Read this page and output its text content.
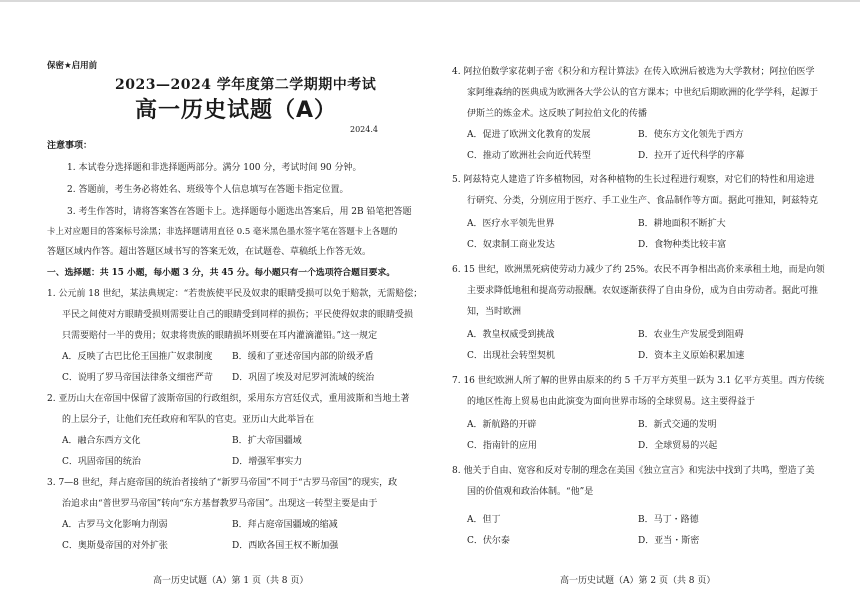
保密★启用前
2023—2024 学年度第二学期期中考试
高一历史试题（A）
2024.4
注意事项：
1. 本试卷分选择题和非选择题两部分。满分 100 分，考试时间 90 分钟。
2. 答题前，考生务必将姓名、班级等个人信息填写在答题卡指定位置。
3. 考生作答时，请将答案答在答题卡上。选择题每小题选出答案后，用 2B 铅笔把答题
卡上对应题目的答案标号涂黑；非选择题请用直径 0.5 毫米黑色墨水签字笔在答题卡上各题的
答题区域内作答。超出答题区域书写的答案无效，在试题卷、草稿纸上作答无效。
一、选择题：共 15 小题，每小题 3 分，共 45 分。每小题只有一个选项符合题目要求。
1. 公元前 18 世纪，某法典规定：“若贵族使平民及奴隶的眼睛受损可以免于赔款，无需赔偿；
平民之间使对方眼睛受损则需要让自己的眼睛受到同样的损伤；平民使得奴隶的眼睛受损
只需要赔付一半的费用；奴隶将贵族的眼睛损坏则要在耳内灌滴灌铅。”这一规定
A．反映了古巴比伦王国推广奴隶制度 B．缓和了亚述帝国内部的阶级矛盾
C．说明了罗马帝国法律条文细密严苛 D．巩固了埃及对尼罗河流域的统治
2. 亚历山大在帝国中保留了波斯帝国的行政组织，采用东方宫廷仪式，重用波斯和当地土著
的上层分子，让他们充任政府和军队的官吏。亚历山大此举旨在
A．融合东西方文化	B．扩大帝国疆域
C．巩固帝国的统治	D．增强军事实力
3. 7—8 世纪，拜占庭帝国的统治者接纳了“新罗马帝国”不同于“古罗马帝国”的现实，政
治追求由“普世罗马帝国”转向“东方基督教罗马帝国”。出现这一转型主要是由于
A．古罗马文化影响力削弱	B．拜占庭帝国疆域的缩减
C．奥斯曼帝国的对外扩张	D．西欧各国王权不断加强
高一历史试题（A）第 1 页（共 8 页）
4. 阿拉伯数学家花剌子密《积分和方程计算法》在传入欧洲后被选为大学教材；阿拉伯医学
家阿维森纳的医典成为欧洲各大学公认的官方课本；中世纪后期欧洲的化学学科，起源于
伊斯兰的炼金术。这反映了阿拉伯文化的传播
A．促进了欧洲文化教育的发展	B．使东方文化领先于西方
C．推动了欧洲社会向近代转型	D．拉开了近代科学的序幕
5. 阿兹特克人建造了许多植物园，对各种植物的生长过程进行观察，对它们的特性和用途进
行研究、分类，分别应用于医疗、手工业生产、食品制作等方面。据此可推知，阿兹特克
A．医疗水平领先世界	B．耕地面积不断扩大
C．奴隶制工商业发达	D．食物种类比较丰富
6. 15 世纪，欧洲黑死病使劳动力减少了约 25%。农民不再争相出高价来承租土地，而是向领
主要求降低地租和提高劳动报酬。农奴逐渐获得了自由身份，成为自由劳动者。据此可推
知，当时欧洲
A．教皇权威受到挑战	B．农业生产发展受到阻碍
C．出现社会转型契机	D．资本主义原始积累加速
7. 16 世纪欧洲人所了解的世界由原来的约 5 千万平方英里一跃为 3.1 亿平方英里。西方传统
的地区性海上贸易也由此演变为面向世界市场的全球贸易。这主要得益于
A．新航路的开辟	B．新式交通的发明
C．指南针的应用	D．全球贸易的兴起
8. 他关于自由、宽容和反对专制的理念在美国《独立宣言》和宪法中找到了共鸣，塑造了美
国的价值观和政治体制。“他”是
A．但丁	B．马丁・路德
C．伏尔泰	D．亚当・斯密
高一历史试题（A）第 2 页（共 8 页）
